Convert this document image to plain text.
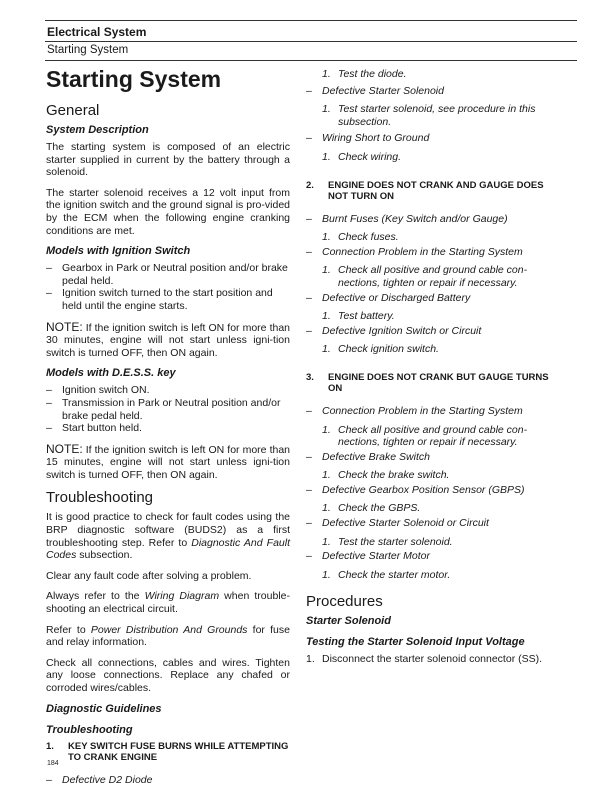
Electrical System
Starting System
Starting System
General
System Description

The starting system is composed of an electric starter supplied in current by the battery through a solenoid.

The starter solenoid receives a 12 volt input from the ignition switch and the ground signal is pro-vided by the ECM when the following engine cranking conditions are met.

Models with Ignition Switch
– Gearbox in Park or Neutral position and/or brake pedal held.
– Ignition switch turned to the start position and held until the engine starts.

NOTE: If the ignition switch is left ON for more than 30 minutes, engine will not start unless igni-tion switch is turned OFF, then ON again.

Models with D.E.S.S. key
– Ignition switch ON.
– Transmission in Park or Neutral position and/or brake pedal held.
– Start button held.

NOTE: If the ignition switch is left ON for more than 15 minutes, engine will not start unless igni-tion switch is turned OFF, then ON again.

Troubleshooting

It is good practice to check for fault codes using the BRP diagnostic software (BUDS2) as a first troubleshooting step. Refer to Diagnostic And Fault Codes subsection.

Clear any fault code after solving a problem.

Always refer to the Wiring Diagram when trouble-shooting an electrical circuit.

Refer to Power Distribution And Grounds for fuse and relay information.

Check all connections, cables and wires. Tighten any loose connections. Replace any chafed or corroded wires/cables.

Diagnostic Guidelines
Troubleshooting
1. KEY SWITCH FUSE BURNS WHILE ATTEMPTING TO CRANK ENGINE
– Defective D2 Diode
1. Test the diode.
– Defective Starter Solenoid
1. Test starter solenoid, see procedure in this subsection.
– Wiring Short to Ground
1. Check wiring.
2. ENGINE DOES NOT CRANK AND GAUGE DOES NOT TURN ON
– Burnt Fuses (Key Switch and/or Gauge)
1. Check fuses.
– Connection Problem in the Starting System
1. Check all positive and ground cable con-nections, tighten or repair if necessary.
– Defective or Discharged Battery
1. Test battery.
– Defective Ignition Switch or Circuit
1. Check ignition switch.
3. ENGINE DOES NOT CRANK BUT GAUGE TURNS ON
– Connection Problem in the Starting System
1. Check all positive and ground cable con-nections, tighten or repair if necessary.
– Defective Brake Switch
1. Check the brake switch.
– Defective Gearbox Position Sensor (GBPS)
1. Check the GBPS.
– Defective Starter Solenoid or Circuit
1. Test the starter solenoid.
– Defective Starter Motor
1. Check the starter motor.
Procedures
Starter Solenoid
Testing the Starter Solenoid Input Voltage
1. Disconnect the starter solenoid connector (SS).
184
